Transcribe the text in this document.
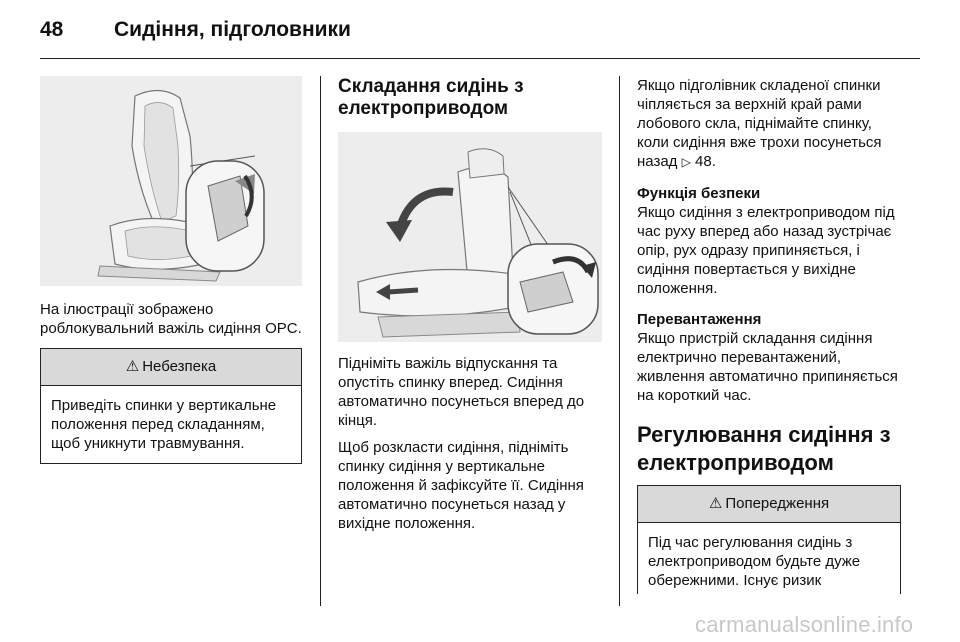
48 Сидіння, підголовники

На ілюстрації зображено роблокувальний важіль сидіння OPC.

⚠ Небезпека
Приведіть спинки у вертикальне положення перед складанням, щоб уникнути травмування.
Складання сидінь з електроприводом

Підніміть важіль відпускання та опустіть спинку вперед. Сидіння автоматично посунеться вперед до кінця.

Щоб розкласти сидіння, підніміть спинку сидіння у вертикальне положення й зафіксуйте її. Сидіння автоматично посунеться назад у вихідне положення.

Якщо підголівник складеної спинки чіпляється за верхній край рами лобового скла, піднімайте спинку, коли сидіння вже трохи посунеться назад ▷ 48.

Функція безпеки

Якщо сидіння з електроприводом під час руху вперед або назад зустрічає опір, рух одразу припиняється, і сидіння повертається у вихідне положення.

Перевантаження

Якщо пристрій складання сидіння електрично перевантажений, живлення автоматично припиняється на короткий час.

Регулювання сидіння з електроприводом
⚠ Попередження
Під час регулювання сидінь з електроприводом будьте дуже обережними. Існує ризик
carmanualsonline.info
